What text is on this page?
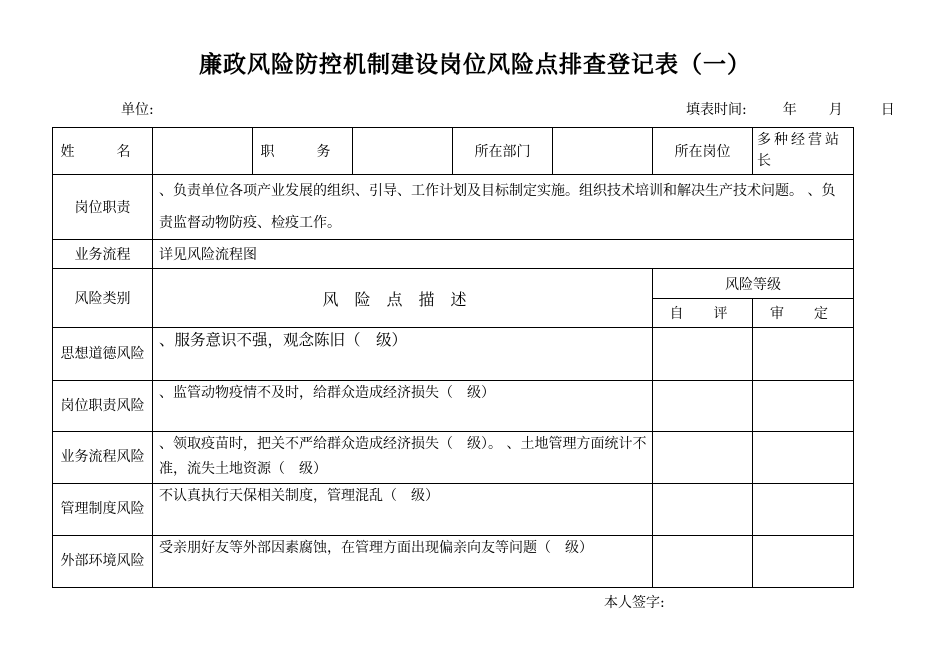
廉政风险防控机制建设岗位风险点排查登记表（一）
单位:	填表时间:	年 月	日
姓　名		职　务		所在部门		所在岗位	多种经营站长
岗位职责	、负责单位各项产业发展的组织、引导、工作计划及目标制定实施。组织技术培训和解决生产技术问题。 、负责监督动物防疫、检疫工作。						
业务流程	详见风险流程图						
风险类别	风险点描述					风险等级	
						自　评	审　定
思想道德风险	、服务意识不强，观念陈旧（　级）						
岗位职责风险	、监管动物疫情不及时，给群众造成经济损失（　级）						
业务流程风险	、领取疫苗时，把关不严给群众造成经济损失（　级）。 、土地管理方面统计不准，流失土地资源（　级）						
管理制度风险	不认真执行天保相关制度，管理混乱（　级）						
外部环境风险	受亲朋好友等外部因素腐蚀，在管理方面出现偏亲向友等问题（　级）						
本人签字:
